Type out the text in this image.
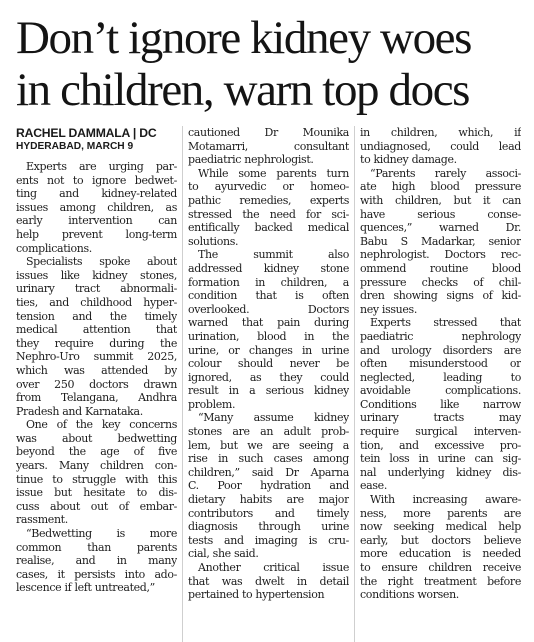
Don’t ignore kidney woes
in children, warn top docs
RACHEL DAMMALA | DC
HYDERABAD, MARCH 9

Experts are urging par-
ents not to ignore bedwet-
ting and kidney-related
issues among children, as
early intervention can
help prevent long-term
complications.

Specialists spoke about
issues like kidney stones,
urinary tract abnormali-
ties, and childhood hyper-
tension and the timely
medical attention that
they require during the
Nephro-Uro summit 2025,
which was attended by
over 250 doctors drawn
from Telangana, Andhra
Pradesh and Karnataka.

One of the key concerns
was about bedwetting
beyond the age of five
years. Many children con-
tinue to struggle with this
issue but hesitate to dis-
cuss about out of embar-
rassment.

“Bedwetting is more
common than parents
realise, and in many
cases, it persists into ado-
lescence if left untreated,”

cautioned Dr Mounika
Motamarri, consultant
paediatric nephrologist.

While some parents turn
to ayurvedic or homeo-
pathic remedies, experts
stressed the need for sci-
entifically backed medical
solutions.

The summit also
addressed kidney stone
formation in children, a
condition that is often
overlooked. Doctors
warned that pain during
urination, blood in the
urine, or changes in urine
colour should never be
ignored, as they could
result in a serious kidney
problem.

“Many assume kidney
stones are an adult prob-
lem, but we are seeing a
rise in such cases among
children,” said Dr Aparna
C. Poor hydration and
dietary habits are major
contributors and timely
diagnosis through urine
tests and imaging is cru-
cial, she said.

Another critical issue
that was dwelt in detail
pertained to hypertension

in children, which, if
undiagnosed, could lead
to kidney damage.

“Parents rarely associ-
ate high blood pressure
with children, but it can
have serious conse-
quences,” warned Dr.
Babu S Madarkar, senior
nephrologist. Doctors rec-
ommend routine blood
pressure checks of chil-
dren showing signs of kid-
ney issues.

Experts stressed that
paediatric nephrology
and urology disorders are
often misunderstood or
neglected, leading to
avoidable complications.
Conditions like narrow
urinary tracts may
require surgical interven-
tion, and excessive pro-
tein loss in urine can sig-
nal underlying kidney dis-
ease.

With increasing aware-
ness, more parents are
now seeking medical help
early, but doctors believe
more education is needed
to ensure children receive
the right treatment before
conditions worsen.
